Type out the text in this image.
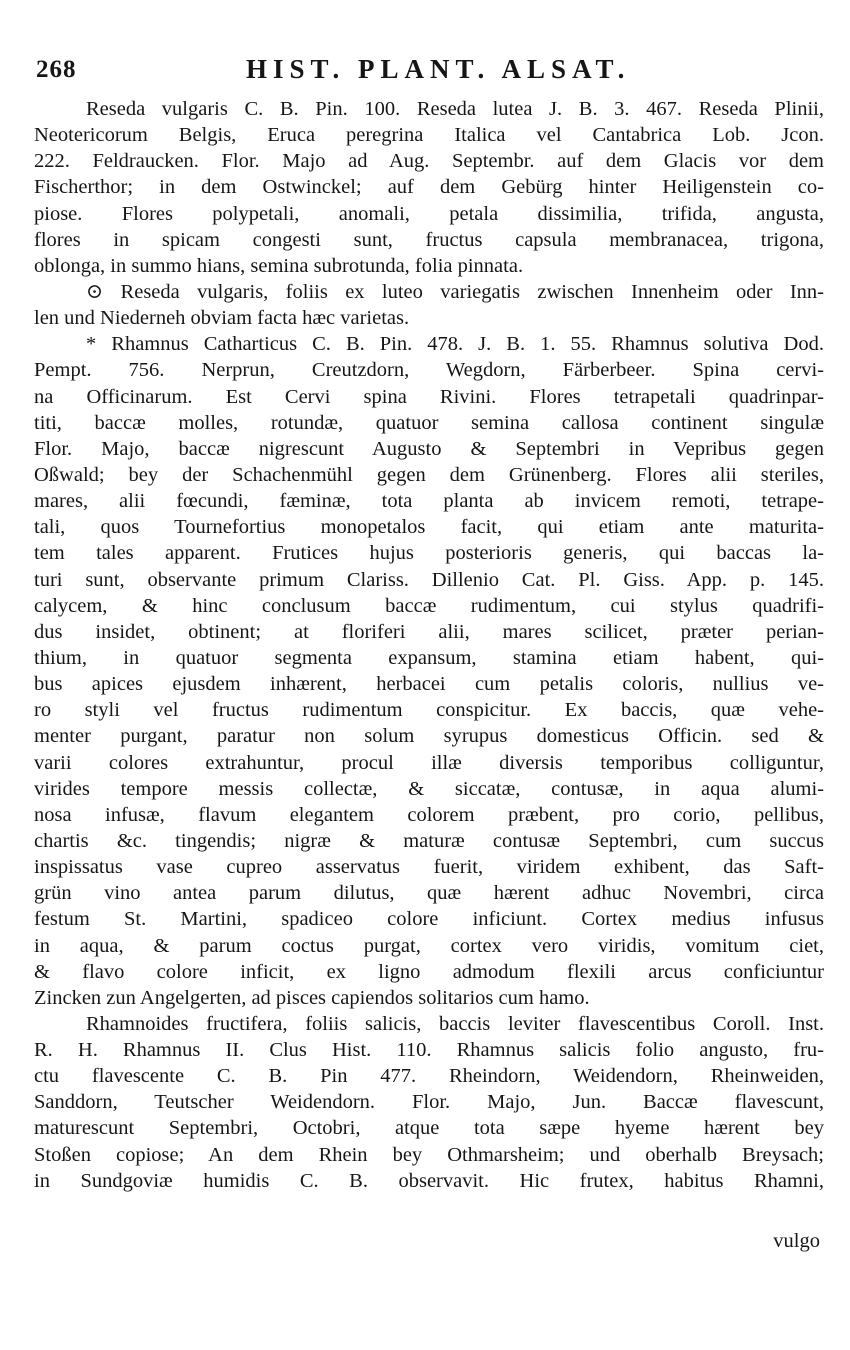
268	HIST. PLANT. ALSAT.
Reseda vulgaris C. B. Pin. 100. Reseda lutea J. B. 3. 467. Reseda Plinii,
Neotericorum Belgis, Eruca peregrina Italica vel Cantabrica Lob. Jcon.
222. Feldraucken. Flor. Majo ad Aug. Septembr. auf dem Glacis vor dem
Fischerthor; in dem Ostwinckel; auf dem Gebürg hinter Heiligenstein co-
piose. Flores polypetali, anomali, petala dissimilia, trifida, angusta,
flores in spicam congesti sunt, fructus capsula membranacea, trigona,
oblonga, in summo hians, semina subrotunda, folia pinnata.
⊙ Reseda vulgaris, foliis ex luteo variegatis zwischen Innenheim oder Inn-
len und Niederneh obviam facta hæc varietas.
* Rhamnus Catharticus C. B. Pin. 478. J. B. 1. 55. Rhamnus solutiva Dod.
Pempt. 756. Nerprun, Creutzdorn, Wegdorn, Färberbeer. Spina cervi-
na Officinarum. Est Cervi spina Rivini. Flores tetrapetali quadrinpar-
titi, baccæ molles, rotundæ, quatuor semina callosa continent singulæ
Flor. Majo, baccæ nigrescunt Augusto & Septembri in Vepribus gegen
Oßwald; bey der Schachenmühl gegen dem Grünenberg. Flores alii steriles,
mares, alii fœcundi, fæminæ, tota planta ab invicem remoti, tetrape-
tali, quos Tournefortius monopetalos facit, qui etiam ante maturita-
tem tales apparent. Frutices hujus posterioris generis, qui baccas la-
turi sunt, observante primum Clariss. Dillenio Cat. Pl. Giss. App. p. 145.
calycem, & hinc conclusum baccæ rudimentum, cui stylus quadrifi-
dus insidet, obtinent; at floriferi alii, mares scilicet, præter perian-
thium, in quatuor segmenta expansum, stamina etiam habent, qui-
bus apices ejusdem inhærent, herbacei cum petalis coloris, nullius ve-
ro styli vel fructus rudimentum conspicitur. Ex baccis, quæ vehe-
menter purgant, paratur non solum syrupus domesticus Officin. sed &
varii colores extrahuntur, procul illæ diversis temporibus colliguntur,
virides tempore messis collectæ, & siccatæ, contusæ, in aqua alumi-
nosa infusæ, flavum elegantem colorem præbent, pro corio, pellibus,
chartis &c. tingendis; nigræ & maturæ contusæ Septembri, cum succus
inspissatus vase cupreo asservatus fuerit, viridem exhibent, das Saft-
grün vino antea parum dilutus, quæ hærent adhuc Novembri, circa
festum St. Martini, spadiceo colore inficiunt. Cortex medius infusus
in aqua, & parum coctus purgat, cortex vero viridis, vomitum ciet,
& flavo colore inficit, ex ligno admodum flexili arcus conficiuntur
Zincken zun Angelgerten, ad pisces capiendos solitarios cum hamo.
Rhamnoides fructifera, foliis salicis, baccis leviter flavescentibus Coroll. Inst.
R. H. Rhamnus II. Clus Hist. 110. Rhamnus salicis folio angusto, fru-
ctu flavescente C. B. Pin 477. Rheindorn, Weidendorn, Rheinweiden,
Sanddorn, Teutscher Weidendorn. Flor. Majo, Jun. Baccæ flavescunt,
maturescunt Septembri, Octobri, atque tota sæpe hyeme hærent bey
Stoßen copiose; An dem Rhein bey Othmarsheim; und oberhalb Breysach;
in Sundgoviæ humidis C. B. observavit. Hic frutex, habitus Rhamni,
vulgo
